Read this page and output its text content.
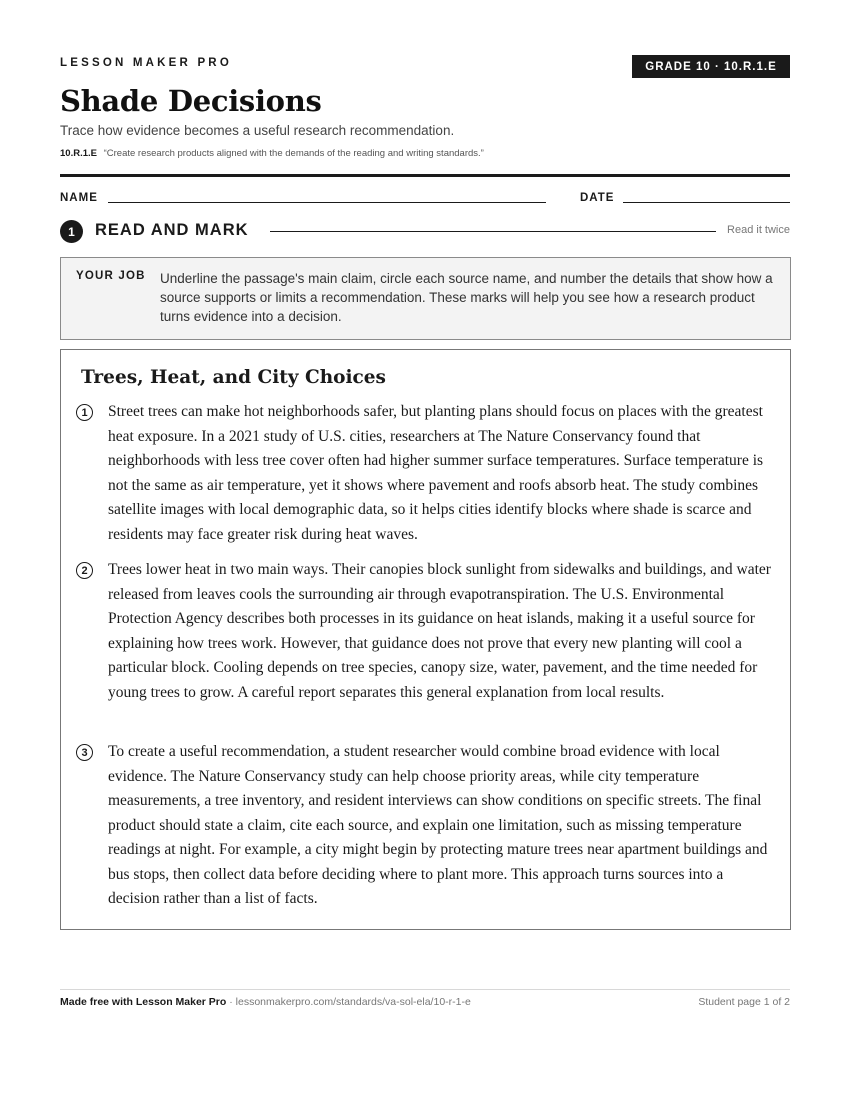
LESSON MAKER PRO	GRADE 10 · 10.R.1.E
Shade Decisions
Trace how evidence becomes a useful research recommendation.
10.R.1.E “Create research products aligned with the demands of the reading and writing standards.”
NAME	DATE
1	READ AND MARK	Read it twice
YOUR JOB Underline the passage's main claim, circle each source name, and number the details that show how a source supports or limits a recommendation. These marks will help you see how a research product turns evidence into a decision.
Trees, Heat, and City Choices
1	Street trees can make hot neighborhoods safer, but planting plans should focus on places with the greatest heat exposure. In a 2021 study of U.S. cities, researchers at The Nature Conservancy found that neighborhoods with less tree cover often had higher summer surface temperatures. Surface temperature is not the same as air temperature, yet it shows where pavement and roofs absorb heat. The study combines satellite images with local demographic data, so it helps cities identify blocks where shade is scarce and residents may face greater risk during heat waves.

2	Trees lower heat in two main ways. Their canopies block sunlight from sidewalks and buildings, and water released from leaves cools the surrounding air through evapotranspiration. The U.S. Environmental Protection Agency describes both processes in its guidance on heat islands, making it a useful source for explaining how trees work. However, that guidance does not prove that every new planting will cool a particular block. Cooling depends on tree species, canopy size, water, pavement, and the time needed for young trees to grow. A careful report separates this general explanation from local results.

3	To create a useful recommendation, a student researcher would combine broad evidence with local evidence. The Nature Conservancy study can help choose priority areas, while city temperature measurements, a tree inventory, and resident interviews can show conditions on specific streets. The final product should state a claim, cite each source, and explain one limitation, such as missing temperature readings at night. For example, a city might begin by protecting mature trees near apartment buildings and bus stops, then collect data before deciding where to plant more. This approach turns sources into a decision rather than a list of facts.

Made free with Lesson Maker Pro · lessonmakerpro.com/standards/va-sol-ela/10-r-1-e	Student page 1 of 2
